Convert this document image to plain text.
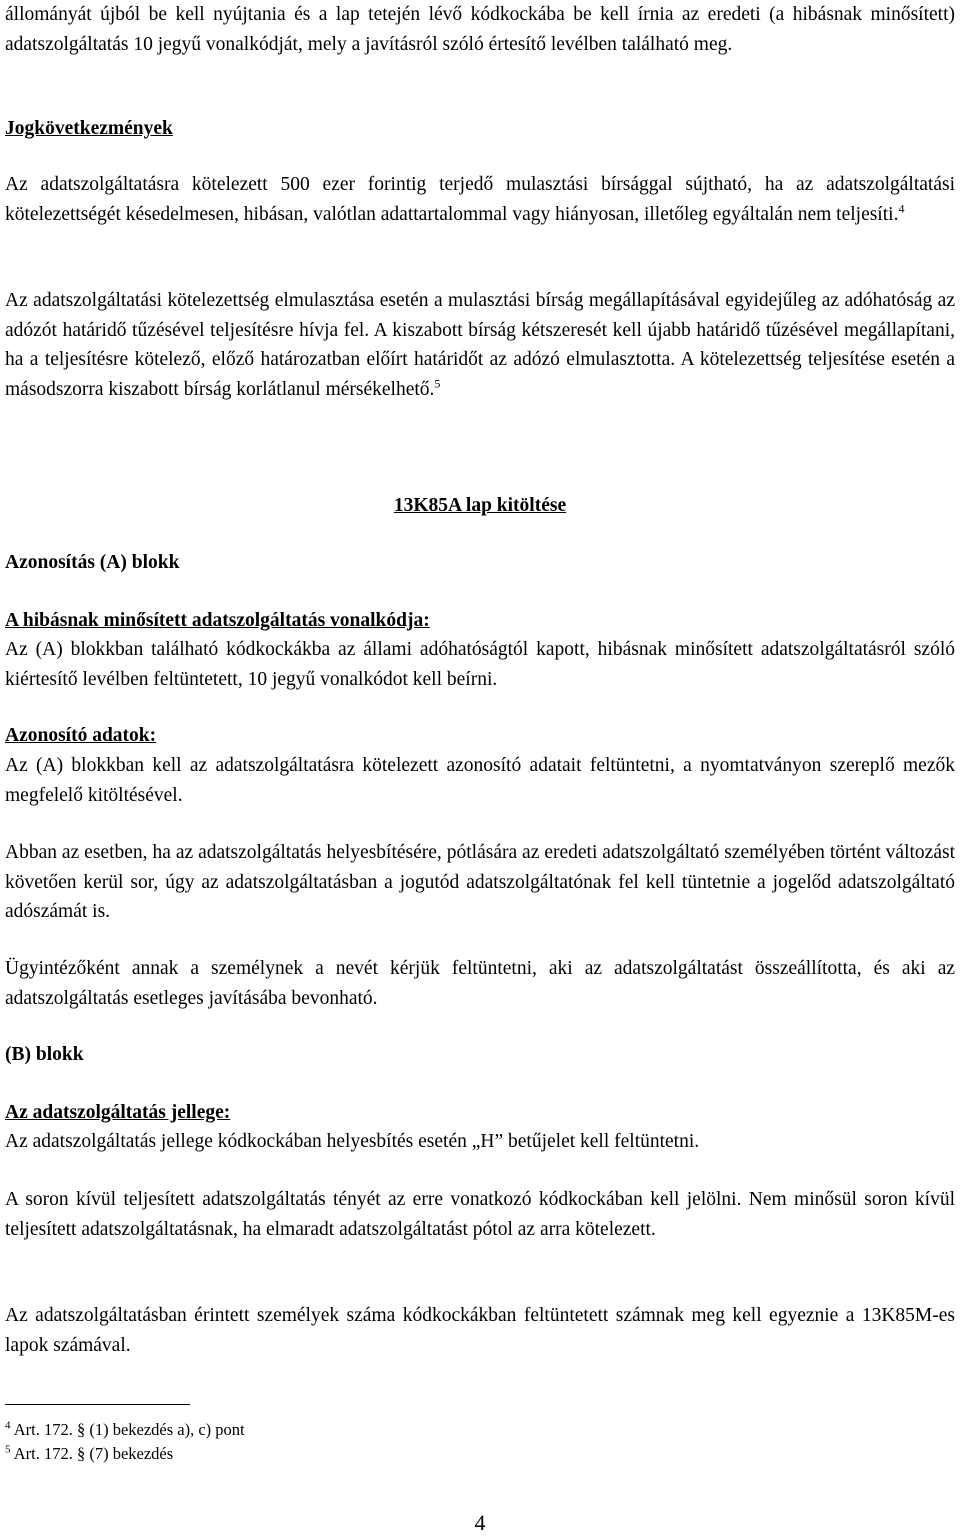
állományát újból be kell nyújtania és a lap tetején lévő kódkockába be kell írnia az eredeti (a hibásnak minősített) adatszolgáltatás 10 jegyű vonalkódját, mely a javításról szóló értesítő levélben található meg.

Jogkövetkezmények

Az adatszolgáltatásra kötelezett 500 ezer forintig terjedő mulasztási bírsággal sújtható, ha az adatszolgáltatási kötelezettségét késedelmesen, hibásan, valótlan adattartalommal vagy hiányosan, illetőleg egyáltalán nem teljesíti.$^4$

Az adatszolgáltatási kötelezettség elmulasztása esetén a mulasztási bírság megállapításával egyidejűleg az adóhatóság az adózót határidő tűzésével teljesítésre hívja fel. A kiszabott bírság kétszeresét kell újabb határidő tűzésével megállapítani, ha a teljesítésre kötelező, előző határozatban előírt határidőt az adózó elmulasztotta. A kötelezettség teljesítése esetén a másodszorra kiszabott bírság korlátlanul mérsékelhető.$^5$

13K85A lap kitöltése

Azonosítás (A) blokk

A hibásnak minősített adatszolgáltatás vonalkódja:

Az (A) blokkban található kódkockákba az állami adóhatóságtól kapott, hibásnak minősített adatszolgáltatásról szóló kiértesítő levélben feltüntetett, 10 jegyű vonalkódot kell beírni.

Azonosító adatok:

Az (A) blokkban kell az adatszolgáltatásra kötelezett azonosító adatait feltüntetni, a nyomtatványon szereplő mezők megfelelő kitöltésével.

Abban az esetben, ha az adatszolgáltatás helyesbítésére, pótlására az eredeti adatszolgáltató személyében történt változást követően kerül sor, úgy az adatszolgáltatásban a jogutód adatszolgáltatónak fel kell tüntetnie a jogelőd adatszolgáltató adószámát is.

Ügyintézőként annak a személynek a nevét kérjük feltüntetni, aki az adatszolgáltatást összeállította, és aki az adatszolgáltatás esetleges javításába bevonható.

(B) blokk

Az adatszolgáltatás jellege:

Az adatszolgáltatás jellege kódkockában helyesbítés esetén „H” betűjelet kell feltüntetni.

A soron kívül teljesített adatszolgáltatás tényét az erre vonatkozó kódkockában kell jelölni. Nem minősül soron kívül teljesített adatszolgáltatásnak, ha elmaradt adatszolgáltatást pótol az arra kötelezett.

Az adatszolgáltatásban érintett személyek száma kódkockákban feltüntetett számnak meg kell egyeznie a 13K85M-es lapok számával.

$^4$ Art. 172. § (1) bekezdés a), c) pont

$^5$ Art. 172. § (7) bekezdés

4
